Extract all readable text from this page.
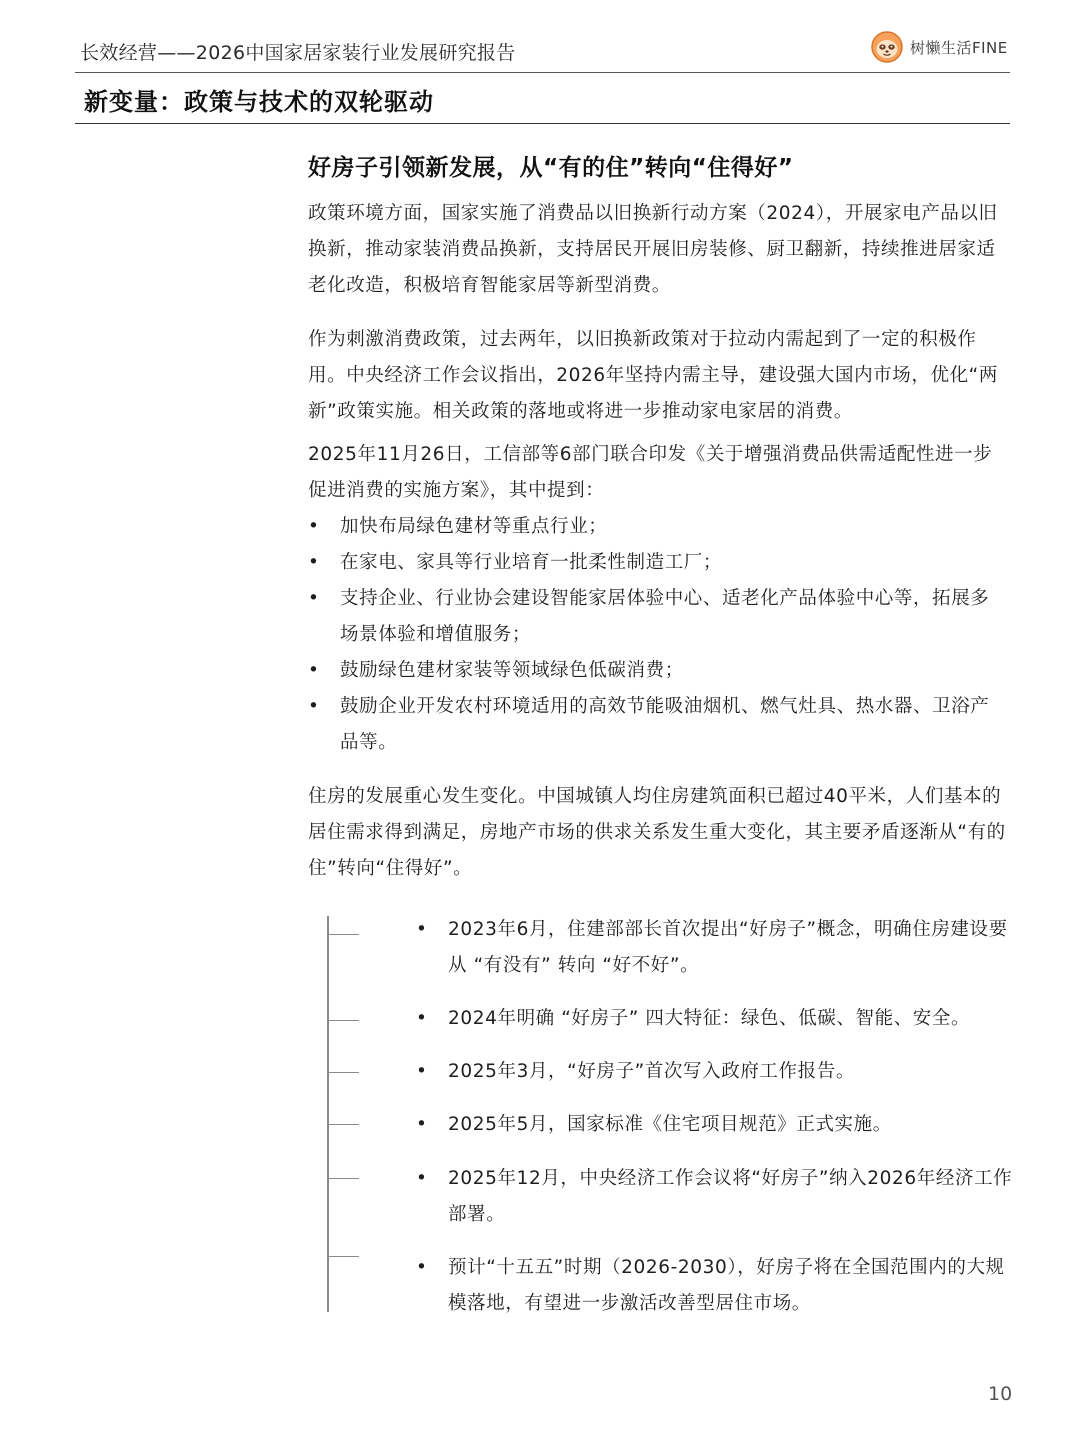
长效经营——2026中国家居家装行业发展研究报告	树懒生活FINE
新变量：政策与技术的双轮驱动
好房子引领新发展，从“有的住”转向“住得好”

政策环境方面，国家实施了消费品以旧换新行动方案（2024），开展家电产品以旧换新，推动家装消费品换新，支持居民开展旧房装修、厨卫翻新，持续推进居家适老化改造，积极培育智能家居等新型消费。

作为刺激消费政策，过去两年，以旧换新政策对于拉动内需起到了一定的积极作用。中央经济工作会议指出，2026年坚持内需主导，建设强大国内市场，优化“两新”政策实施。相关政策的落地或将进一步推动家电家居的消费。

2025年11月26日，工信部等6部门联合印发《关于增强消费品供需适配性进一步促进消费的实施方案》，其中提到：

• 加快布局绿色建材等重点行业；
• 在家电、家具等行业培育一批柔性制造工厂；
• 支持企业、行业协会建设智能家居体验中心、适老化产品体验中心等，拓展多场景体验和增值服务；
• 鼓励绿色建材家装等领域绿色低碳消费；
• 鼓励企业开发农村环境适用的高效节能吸油烟机、燃气灶具、热水器、卫浴产品等。

住房的发展重心发生变化。中国城镇人均住房建筑面积已超过40平米，人们基本的居住需求得到满足，房地产市场的供求关系发生重大变化，其主要矛盾逐渐从“有的住”转向“住得好”。

•	2023年6月，住建部部长首次提出“好房子”概念，明确住房建设要从 “有没有” 转向 “好不好”。
•	2024年明确 “好房子” 四大特征：绿色、低碳、智能、安全。
•	2025年3月，“好房子”首次写入政府工作报告。
•	2025年5月，国家标准《住宅项目规范》正式实施。
•	2025年12月，中央经济工作会议将“好房子”纳入2026年经济工作部署。
•	预计“十五五”时期（2026-2030），好房子将在全国范围内的大规模落地，有望进一步激活改善型居住市场。
10
